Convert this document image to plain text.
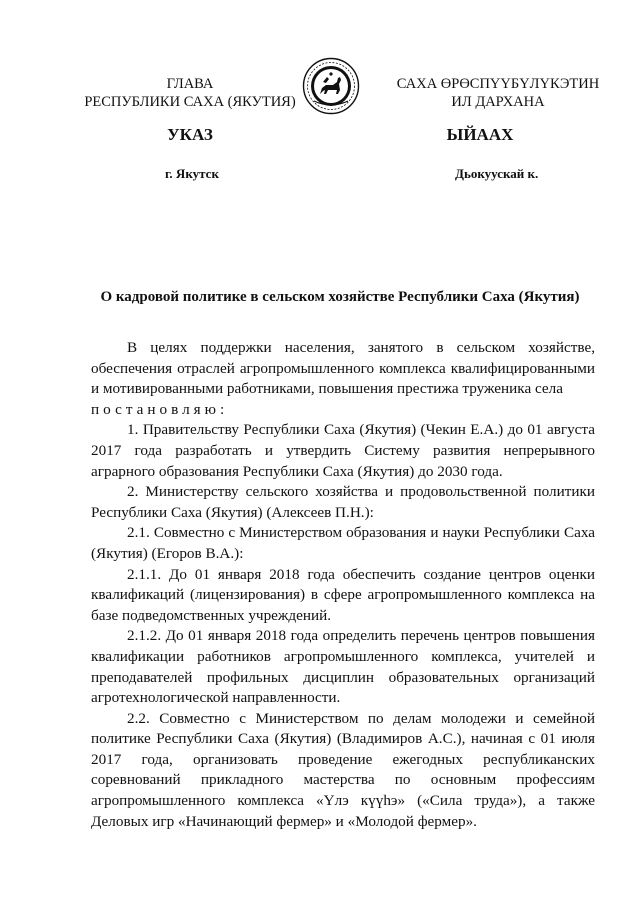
ГЛАВА
РЕСПУБЛИКИ САХА (ЯКУТИЯ)
САХА ӨРӨСПҮҮБҮЛҮКЭТИН
ИЛ ДАРХАНА
УКАЗ	ЫЙААХ
г. Якутск	Дьокуускай к.
О кадровой политике в сельском хозяйстве Республики Саха (Якутия)

В целях поддержки населения, занятого в сельском хозяйстве, обеспечения отраслей агропромышленного комплекса квалифицированными и мотивированными работниками, повышения престижа труженика села

постановляю:

1. Правительству Республики Саха (Якутия) (Чекин Е.А.) до 01 августа 2017 года разработать и утвердить Систему развития непрерывного аграрного образования Республики Саха (Якутия) до 2030 года.

2. Министерству сельского хозяйства и продовольственной политики Республики Саха (Якутия) (Алексеев П.Н.):

2.1. Совместно с Министерством образования и науки Республики Саха (Якутия) (Егоров В.А.):

2.1.1. До 01 января 2018 года обеспечить создание центров оценки квалификаций (лицензирования) в сфере агропромышленного комплекса на базе подведомственных учреждений.

2.1.2. До 01 января 2018 года определить перечень центров повышения квалификации работников агропромышленного комплекса, учителей и преподавателей профильных дисциплин образовательных организаций агротехнологической направленности.

2.2. Совместно с Министерством по делам молодежи и семейной политике Республики Саха (Якутия) (Владимиров А.С.), начиная с 01 июля 2017 года, организовать проведение ежегодных республиканских соревнований прикладного мастерства по основным профессиям агропромышленного комплекса «Үлэ күүһэ» («Сила труда»), а также Деловых игр «Начинающий фермер» и «Молодой фермер».
